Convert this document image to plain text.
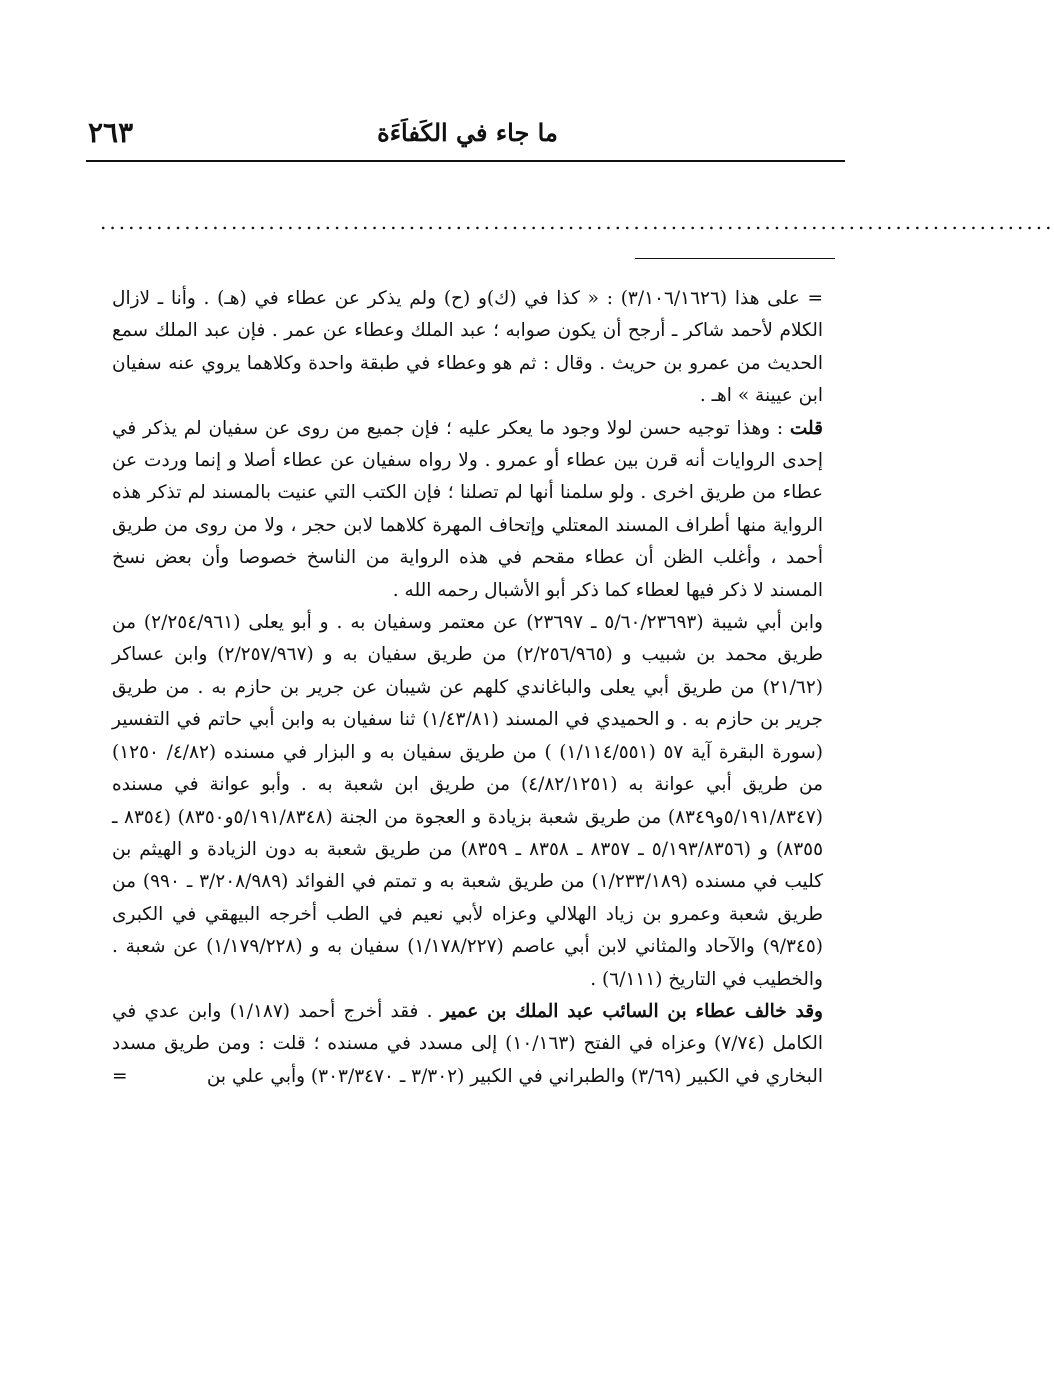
ما جاء في الكَفاَءَة
٢٦٣
......................................................................................................

= على هذا (٣/١٠٦/١٦٢٦) : « كذا في (ك)و (ح) ولم يذكر عن عطاء في (هـ) . وأنا ـ لازال الكلام لأحمد شاكر ـ أرجح أن يكون صوابه ؛ عبد الملك وعطاء عن عمر . فإن عبد الملك سمع الحديث من عمرو بن حريث . وقال : ثم هو وعطاء في طبقة واحدة وكلاهما يروي عنه سفيان ابن عيينة » اهـ .

قلت : وهذا توجيه حسن لولا وجود ما يعكر عليه ؛ فإن جميع من روى عن سفيان لم يذكر في إحدى الروايات أنه قرن بين عطاء أو عمرو . ولا رواه سفيان عن عطاء أصلا و إنما وردت عن عطاء من طريق اخرى . ولو سلمنا أنها لم تصلنا ؛ فإن الكتب التي عنيت بالمسند لم تذكر هذه الرواية منها أطراف المسند المعتلي وإتحاف المهرة كلاهما لابن حجر ، ولا من روى من طريق أحمد ، وأغلب الظن أن عطاء مقحم في هذه الرواية من الناسخ خصوصا وأن بعض نسخ المسند لا ذكر فيها لعطاء كما ذكر أبو الأشبال رحمه الله .

وابن أبي شيبة (٥/٦٠/٢٣٦٩٣ ـ ٢٣٦٩٧) عن معتمر وسفيان به . و أبو يعلى (٢/٢٥٤/٩٦١) من طريق محمد بن شبيب و (٢/٢٥٦/٩٦٥) من طريق سفيان به و (٢/٢٥٧/٩٦٧) وابن عساكر (٢١/٦٢) من طريق أبي يعلى والباغاندي كلهم عن شيبان عن جرير بن حازم به . من طريق جرير بن حازم به . و الحميدي في المسند (١/٤٣/٨١) ثنا سفيان به وابن أبي حاتم في التفسير (سورة البقرة آية ٥٧ (١/١١٤/٥٥١) ) من طريق سفيان به و البزار في مسنده (٤/٨٢/ ١٢٥٠) من طريق أبي عوانة به (٤/٨٢/١٢٥١) من طريق ابن شعبة به . وأبو عوانة في مسنده (٥/١٩١/٨٣٤٧و٨٣٤٩) من طريق شعبة بزيادة و العجوة من الجنة (٥/١٩١/٨٣٤٨و٨٣٥٠) (٨٣٥٤ ـ ٨٣٥٥) و (٥/١٩٣/٨٣٥٦ ـ ٨٣٥٧ ـ ٨٣٥٨ ـ ٨٣٥٩) من طريق شعبة به دون الزيادة و الهيثم بن كليب في مسنده (١/٢٣٣/١٨٩) من طريق شعبة به و تمتم في الفوائد (٣/٢٠٨/٩٨٩ ـ ٩٩٠) من طريق شعبة وعمرو بن زياد الهلالي وعزاه لأبي نعيم في الطب أخرجه البيهقي في الكبرى (٩/٣٤٥) والآحاد والمثاني لابن أبي عاصم (١/١٧٨/٢٢٧) سفيان به و (١/١٧٩/٢٢٨) عن شعبة . والخطيب في التاريخ (٦/١١١) .

وقد خالف عطاء بن السائب عبد الملك بن عمير . فقد أخرج أحمد (١/١٨٧) وابن عدي في الكامل (٧/٧٤) وعزاه في الفتح (١٠/١٦٣) إلى مسدد في مسنده ؛ قلت : ومن طريق مسدد البخاري في الكبير (٣/٦٩) والطبراني في الكبير (٣/٣٠٢ ـ ٣٠٣/٣٤٧٠) وأبي علي بن
=
